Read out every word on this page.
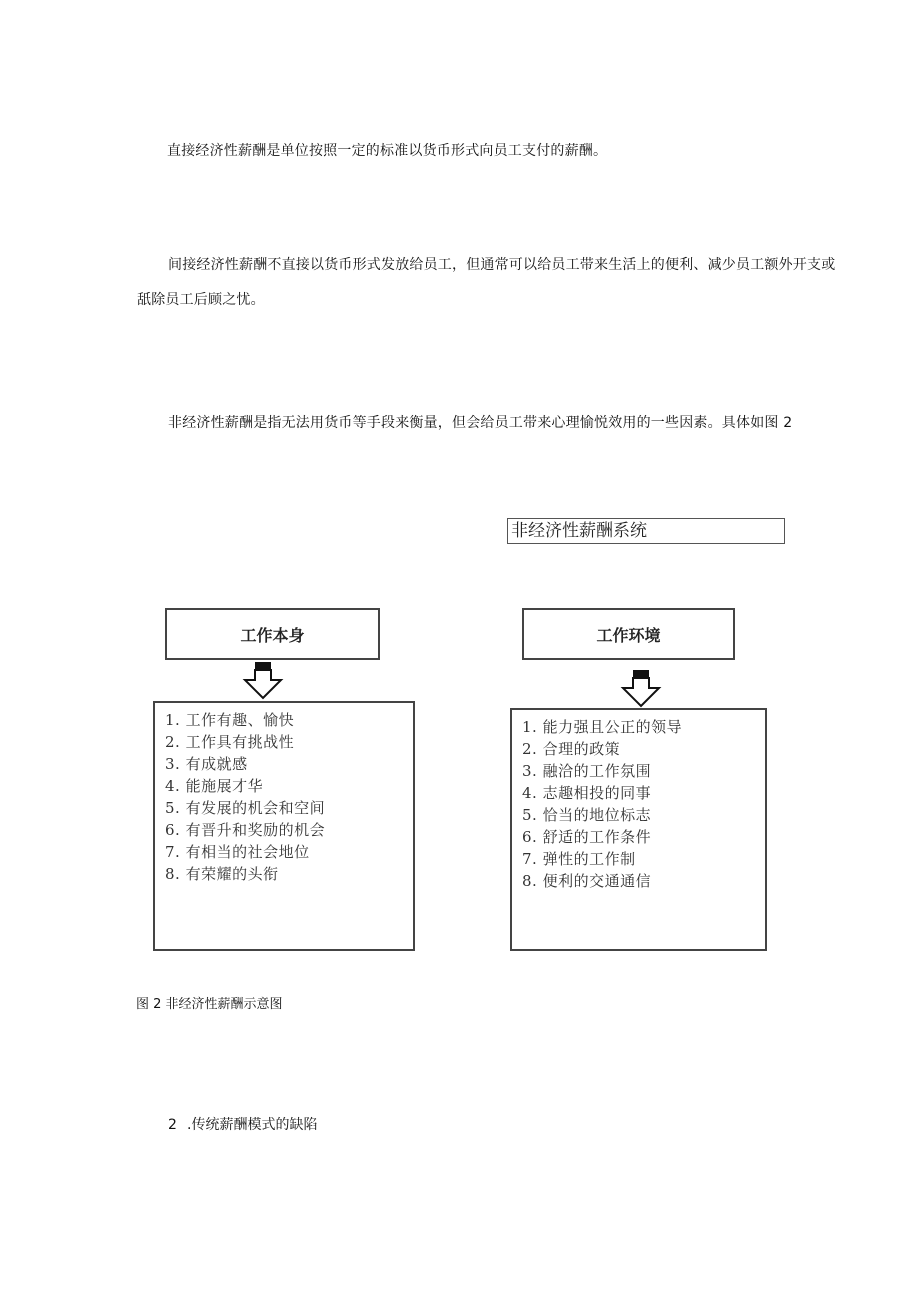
直接经济性薪酬是单位按照一定的标准以货币形式向员工支付的薪酬。
间接经济性薪酬不直接以货币形式发放给员工，但通常可以给员工带来生活上的便利、减少员工额外开支或
舐除员工后顾之忧。
非经济性薪酬是指无法用货币等手段来衡量，但会给员工带来心理愉悦效用的一些因素。具体如图 2
非经济性薪酬系统
工作本身	工作环境
1. 工作有趣、愉快
2. 工作具有挑战性
3. 有成就感
4. 能施展才华
5. 有发展的机会和空间
6. 有晋升和奖励的机会
7. 有相当的社会地位
8. 有荣耀的头衔
1. 能力强且公正的领导
2. 合理的政策
3. 融洽的工作氛围
4. 志趣相投的同事
5. 恰当的地位标志
6. 舒适的工作条件
7. 弹性的工作制
8. 便利的交通通信
图 2 非经济性薪酬示意图
2 .传统薪酬模式的缺陷
